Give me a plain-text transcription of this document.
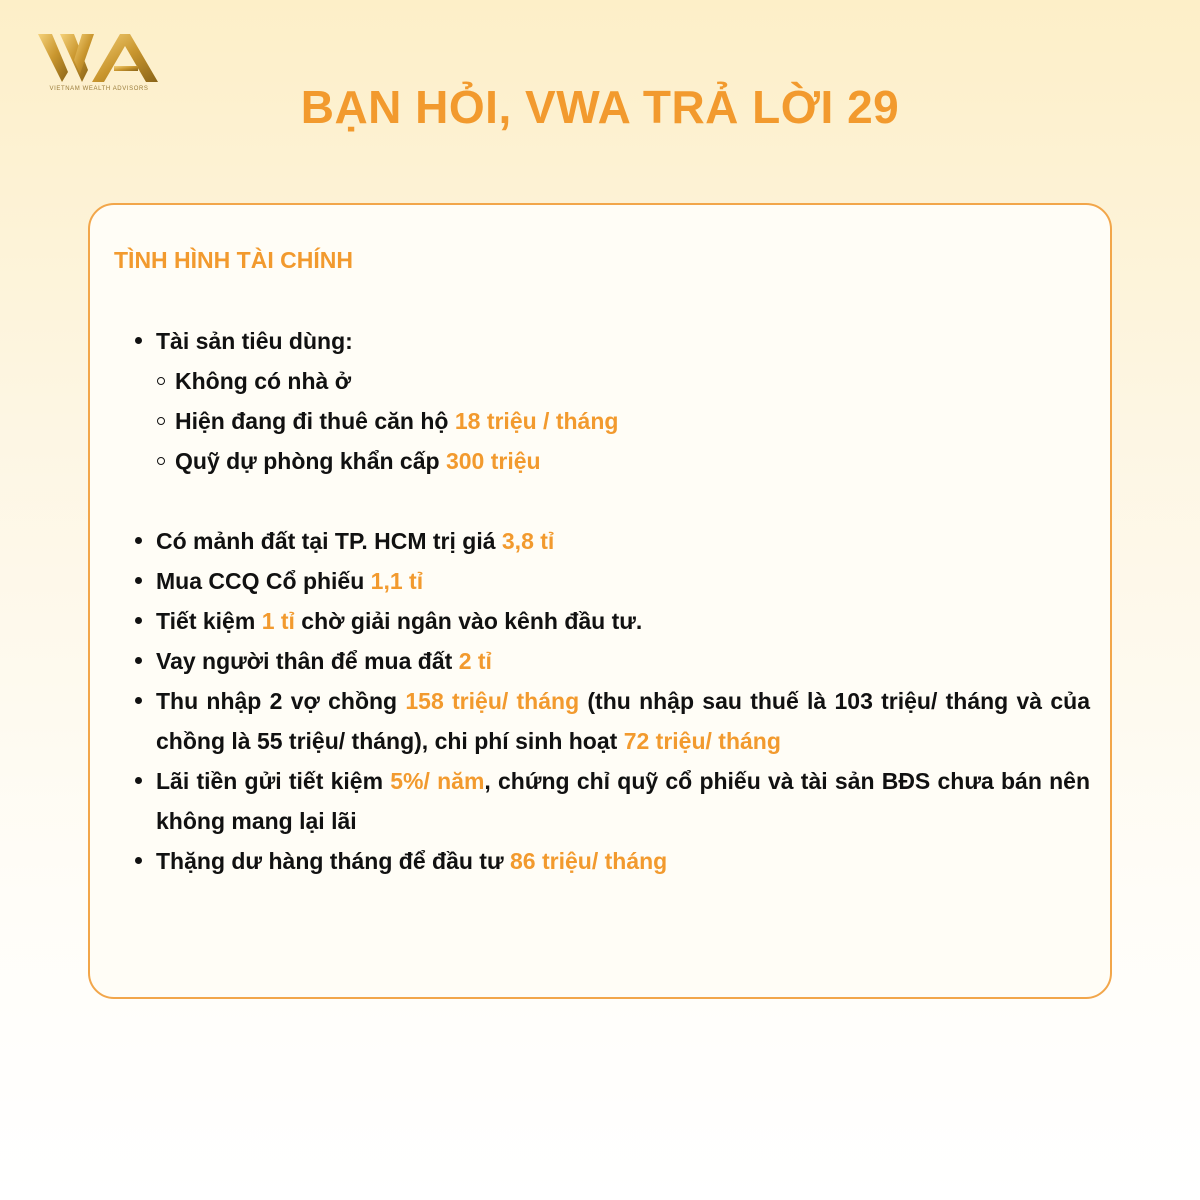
VIETNAM WEALTH ADVISORS	BẠN HỎI, VWA TRẢ LỜI 29
TÌNH HÌNH TÀI CHÍNH
Tài sản tiêu dùng:
Không có nhà ở
Hiện đang đi thuê căn hộ 18 triệu / tháng
Quỹ dự phòng khẩn cấp 300 triệu
Có mảnh đất tại TP. HCM trị giá 3,8 tỉ
Mua CCQ Cổ phiếu 1,1 tỉ
Tiết kiệm 1 tỉ chờ giải ngân vào kênh đầu tư.
Vay người thân để mua đất 2 tỉ
Thu nhập 2 vợ chồng 158 triệu/ tháng (thu nhập sau thuế là 103 triệu/ tháng và của chồng là 55 triệu/ tháng), chi phí sinh hoạt 72 triệu/ tháng
Lãi tiền gửi tiết kiệm 5%/ năm, chứng chỉ quỹ cổ phiếu và tài sản BĐS chưa bán nên không mang lại lãi
Thặng dư hàng tháng để đầu tư 86 triệu/ tháng
